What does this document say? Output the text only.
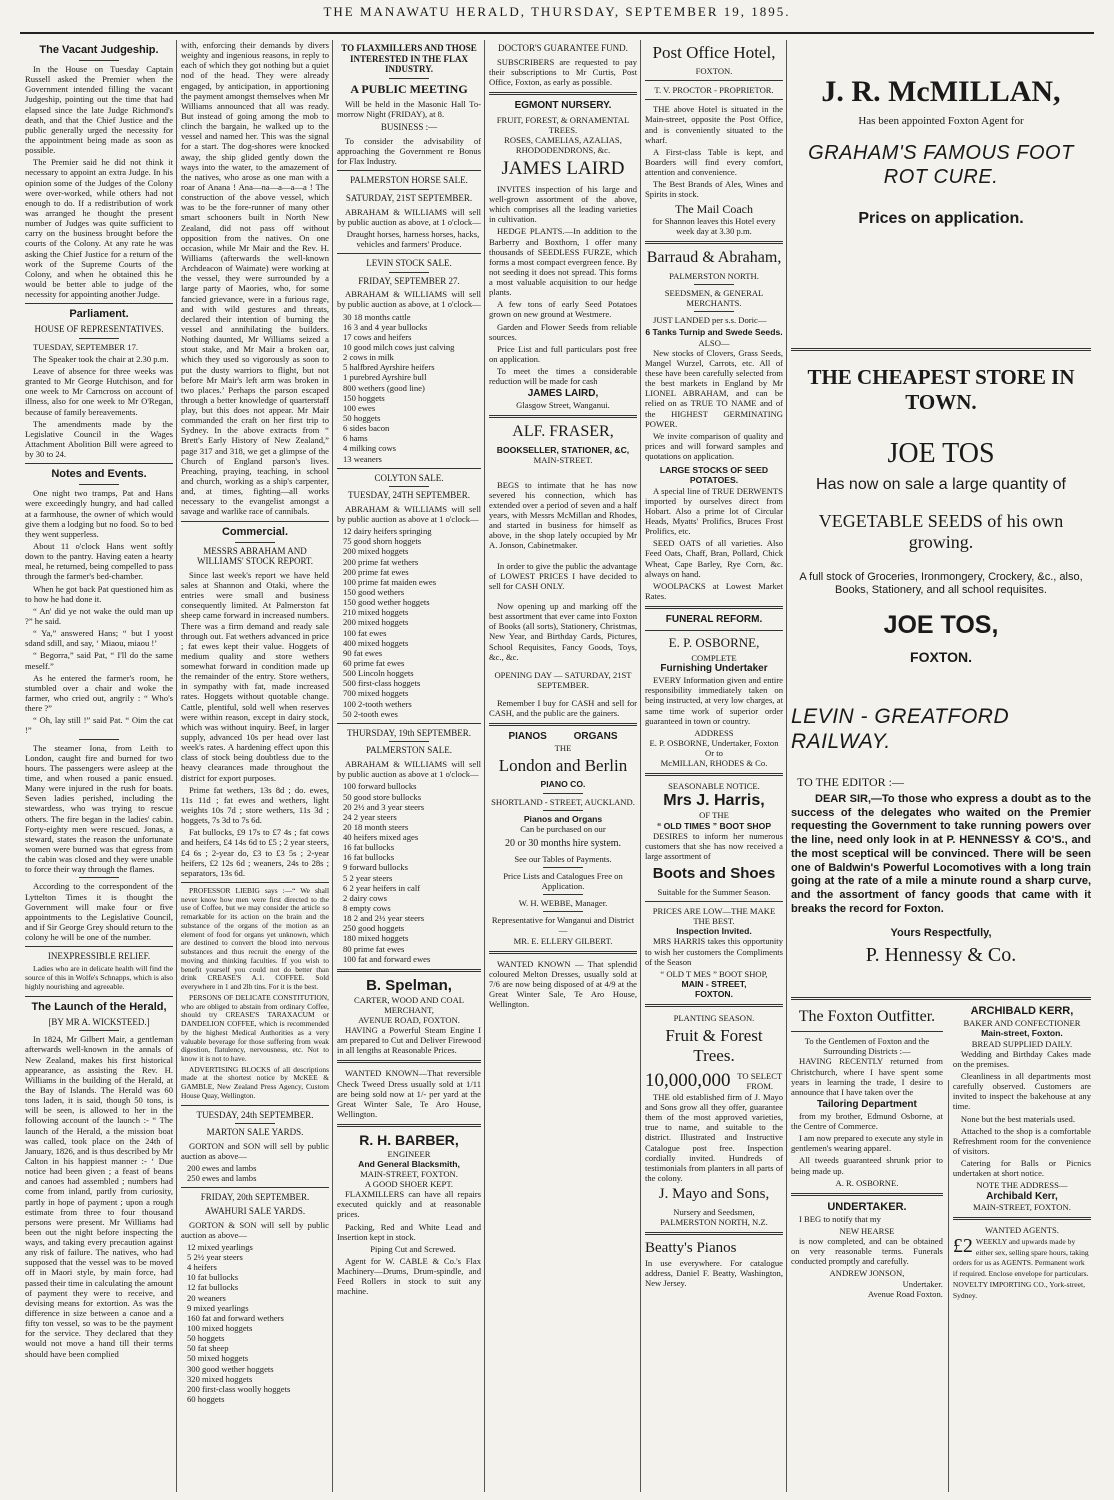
THE MANAWATU HERALD, THURSDAY, SEPTEMBER 19, 1895.
The Vacant Judgeship.
In the House on Tuesday Captain Russell asked the Premier when the Government intended filling the vacant Judgeship, pointing out the time that had elapsed since the late Judge Richmond's death, and that the Chief Justice and the public generally urged the necessity for the appointment being made as soon as possible.
The Premier said he did not think it necessary to appoint an extra Judge. In his opinion some of the Judges of the Colony were over-worked, while others had not enough to do. If a redistribution of work was arranged he thought the present number of Judges was quite sufficient to carry on the business brought before the courts of the Colony. At any rate he was asking the Chief Justice for a return of the work of the Supreme Courts of the Colony, and when he obtained this he would be better able to judge of the necessity for appointing another Judge.
Parliament.
HOUSE OF REPRESENTATIVES.
TUESDAY, SEPTEMBER 17.
The Speaker took the chair at 2.30 p.m.
Leave of absence for three weeks was granted to Mr George Hutchison, and for one week to Mr Carncross on account of illness, also for one week to Mr O'Regan, because of family bereavements.
The amendments made by the Legislative Council in the Wages Attachment Abolition Bill were agreed to by 30 to 24.
Notes and Events.
One night two tramps, Pat and Hans were exceedingly hungry, and had called at a farmhouse, the owner of which would give them a lodging but no food. So to bed they went supperless.
About 11 o'clock Hans went softly down to the pantry. Having eaten a hearty meal, he returned, being compelled to pass through the farmer's bed-chamber.
When he got back Pat questioned him as to how he had done it.
“ An' did ye not wake the ould man up ?” he said.
“ Ya,” answered Hans; “ but I yoost sdand sdill, and say, ‘ Miaou, miaou !’
“ Begorra,” said Pat, “ I'll do the same meself.”
As he entered the farmer's room, he stumbled over a chair and woke the farmer, who cried out, angrily : “ Who's there ?”
“ Oh, lay still !” said Pat. “ Oim the cat !”
The steamer Iona, from Leith to London, caught fire and burned for two hours. The passengers were asleep at the time, and when roused a panic ensued. Many were injured in the rush for boats. Seven ladies perished, including the stewardess, who was trying to rescue others. The fire began in the ladies' cabin. Forty-eighty men were rescued. Jonas, a steward, states the reason the unfortunate women were burned was that egress from the cabin was closed and they were unable to force their way through the flames.
According to the correspondent of the Lyttelton Times it is thought the Government will make four or five appointments to the Legislative Council, and if Sir George Grey should return to the colony he will be one of the number.
INEXPRESSIBLE RELIEF.
Ladies who are in delicate health will find the source of this in Wolfe's Schnapps, which is also highly nourishing and agreeable.
The Launch of the Herald,
[BY MR A. WICKSTEED.]
In 1824, Mr Gilbert Mair, a gentleman afterwards well-known in the annals of New Zealand, makes his first historical appearance, as assisting the Rev. H. Williams in the building of the Herald, at the Bay of Islands. The Herald was 60 tons laden, it is said, though 50 tons, is will be seen, is allowed to her in the following account of the launch :- “ The launch of the Herald, a the mission boat was called, took place on the 24th of January, 1826, and is thus described by Mr Calton in his happiest manner :- ‘ Due notice had been given ; a feast of beans and canoes had assembled ; numbers had come from inland, partly from curiosity, partly in hope of payment ; upon a rough estimate from three to four thousand persons were present. Mr Williams had been out the night before inspecting the ways, and taking every precaution against any risk of failure. The natives, who had supposed that the vessel was to be moved off in Maori style, by main force, had passed their time in calculating the amount of payment they were to receive, and devising means for extortion. As was the difference in size between a canoe and a fifty ton vessel, so was to be the payment for the service. They declared that they would not move a hand till their terms should have been complied
with, enforcing their demands by divers weighty and ingenious reasons, in reply to each of which they got nothing but a quiet nod of the head. They were already engaged, by anticipation, in apportioning the payment amongst themselves when Mr Williams announced that all was ready. But instead of going among the mob to clinch the bargain, he walked up to the vessel and named her. This was the signal for a start. The dog-shores were knocked away, the ship glided gently down the ways into the water, to the amazement of the natives, who arose as one man with a roar of Anana ! Ana—na—a—a—a ! The construction of the above vessel, which was to be the fore-runner of many other smart schooners built in North New Zealand, did not pass off without opposition from the natives. On one occasion, while Mr Mair and the Rev. H. Williams (afterwards the well-known Archdeacon of Waimate) were working at the vessel, they were surrounded by a large party of Maories, who, for some fancied grievance, were in a furious rage, and with wild gestures and threats, declared their intention of burning the vessel and annihilating the builders. Nothing daunted, Mr Williams seized a stout stake, and Mr Mair a broken oar, which they used so vigorously as soon to put the dusty warriors to flight, but not before Mr Mair's left arm was broken in two places.’ Perhaps the parson escaped through a better knowledge of quarterstaff play, but this does not appear. Mr Mair commanded the craft on her first trip to Sydney. In the above extracts from “ Brett's Early History of New Zealand,” page 317 and 318, we get a glimpse of the Church of England parson's lives. Preaching, praying, teaching, in school and church, working as a ship's carpenter, and, at times, fighting—all works necessary to the evangelist amongst a savage and warlike race of cannibals.
Commercial.
MESSRS ABRAHAM AND WILLIAMS' STOCK REPORT.
Since last week's report we have held sales at Shannon and Otaki, where the entries were small and business consequently limited. At Palmerston fat sheep came forward in increased numbers. There was a firm demand and ready sale through out. Fat wethers advanced in price ; fat ewes kept their value. Hoggets of medium quality and store wethers somewhat forward in condition made up the remainder of the entry. Store wethers, in sympathy with fat, made increased rates. Hoggets without quotable change. Cattle, plentiful, sold well when reserves were within reason, except in dairy stock, which was without inquiry. Beef, in larger supply, advanced 10s per head over last week's rates. A hardening effect upon this class of stock being doubtless due to the heavy clearances made throughout the district for export purposes.
Prime fat wethers, 13s 8d ; do. ewes, 11s 11d ; fat ewes and wethers, light weights 10s 7d ; store wethers, 11s 3d ; hoggets, 7s 3d to 7s 6d.
Fat bullocks, £9 17s to £7 4s ; fat cows and heifers, £4 14s 6d to £5 ; 2 year steers, £4 6s ; 2-year do, £3 to £3 5s ; 2-year heifers, £2 12s 6d ; weaners, 24s to 28s ; separators, 13s 6d.
PROFESSOR LIEBIG says :—“ We shall never know how men were first directed to the use of Coffee, but we may consider the article so remarkable for its action on the brain and the substance of the organs of the motion as an element of food for organs yet unknown, which are destined to convert the blood into nervous substances and thus recruit the energy of the moving and thinking faculties. If you wish to benefit yourself you could not do better than drink CREASE'S A.1. COFFEE. Sold everywhere in 1 and 2lb tins. For it is the best.
PERSONS OF DELICATE CONSTITUTION, who are obliged to abstain from ordinary Coffee, should try CREASE'S TARAXACUM or DANDELION COFFEE, which is recommended by the highest Medical Authorities as a very valuable beverage for those suffering from weak digestion, flatulency, nervousness, etc. Not to know it is not to have.
ADVERTISING BLOCKS of all descriptions made at the shortest notice by McKEE & GAMBLE, New Zealand Press Agency, Custom House Quay, Wellington.
TUESDAY, 24th SEPTEMBER.
MARTON SALE YARDS.
GORTON and SON will sell by public auction as above—
200 ewes and lambs
250 ewes and lambs
FRIDAY, 20th SEPTEMBER.
AWAHURI SALE YARDS.
GORTON & SON will sell by public auction as above—
12 mixed yearlings
5 2½ year steers
4 heifers
10 fat bullocks
12 fat bullocks
20 weaners
9 mixed yearlings
160 fat and forward wethers
100 mixed hoggets
50 hoggets
50 fat sheep
50 mixed hoggets
300 good wether hoggets
320 mixed hoggets
200 first-class woolly hoggets
60 hoggets
TO FLAXMILLERS AND THOSE INTERESTED IN THE FLAX INDUSTRY.
A PUBLIC MEETING
Will be held in the Masonic Hall To-morrow Night (FRIDAY), at 8.
BUSINESS :—
To consider the advisability of approaching the Government re Bonus for Flax Industry.
PALMERSTON HORSE SALE.
SATURDAY, 21ST SEPTEMBER.
ABRAHAM & WILLIAMS will sell by public auction as above, at 1 o'clock—
Draught horses, harness horses, hacks, vehicles and farmers' Produce.
LEVIN STOCK SALE.
FRIDAY, SEPTEMBER 27.
ABRAHAM & WILLIAMS will sell by public auction as above, at 1 o'clock—
30 18 months cattle
16 3 and 4 year bullocks
17 cows and heifers
10 good milch cows just calving
2 cows in milk
5 halfbred Ayrshire heifers
1 purebred Ayrshire bull
800 wethers (good line)
150 hoggets
100 ewes
50 hoggets
6 sides bacon
6 hams
4 milking cows
13 weaners
COLYTON SALE.
TUESDAY, 24TH SEPTEMBER.
ABRAHAM & WILLIAMS will sell by public auction as above at 1 o'clock—
12 dairy heifers springing
75 good shorn hoggets
200 mixed hoggets
200 prime fat wethers
200 prime fat ewes
100 prime fat maiden ewes
150 good wethers
150 good wether hoggets
210 mixed hoggets
200 mixed hoggets
100 fat ewes
400 mixed hoggets
90 fat ewes
60 prime fat ewes
500 Lincoln hoggets
500 first-class hoggets
700 mixed hoggets
100 2-tooth wethers
50 2-tooth ewes
THURSDAY, 19th SEPTEMBER.
PALMERSTON SALE.
ABRAHAM & WILLIAMS will sell by public auction as above at 1 o'clock—
100 forward bullocks
50 good store bullocks
20 2½ and 3 year steers
24 2 year steers
20 18 month steers
40 heifers mixed ages
16 fat bullocks
16 fat bullocks
9 forward bullocks
5 2 year steers
6 2 year heifers in calf
2 dairy cows
8 empty cows
18 2 and 2½ year steers
250 good hoggets
180 mixed hoggets
80 prime fat ewes
100 fat and forward ewes
B. Spelman,
CARTER, WOOD AND COAL MERCHANT,
AVENUE ROAD, FOXTON.
HAVING a Powerful Steam Engine I am prepared to Cut and Deliver Firewood in all lengths at Reasonable Prices.
WANTED KNOWN—That reversible Check Tweed Dress usually sold at 1/11 are being sold now at 1/- per yard at the Great Winter Sale, Te Aro House, Wellington.
R. H. BARBER,
ENGINEER
And General Blacksmith,
MAIN-STREET, FOXTON.
A GOOD SHOER KEPT.
FLAXMILLERS can have all repairs executed quickly and at reasonable prices.
Packing, Red and White Lead and Insertion kept in stock.
Piping Cut and Screwed.
Agent for W. CABLE & Co.'s Flax Machinery—Drums, Drum-spindle, and Feed Rollers in stock to suit any machine.
DOCTOR'S GUARANTEE FUND.
SUBSCRIBERS are requested to pay their subscriptions to Mr Curtis, Post Office, Foxton, as early as possible.
EGMONT NURSERY.
FRUIT, FOREST, & ORNAMENTAL TREES.
ROSES, CAMELIAS, AZALIAS, RHODODENDRONS, &c.
JAMES LAIRD
INVITES inspection of his large and well-grown assortment of the above, which comprises all the leading varieties in cultivation.
HEDGE PLANTS.—In addition to the Barberry and Boxthorn, I offer many thousands of SEEDLESS FURZE, which forms a most compact evergreen fence. By not seeding it does not spread. This forms a most valuable acquisition to our hedge plants.
A few tons of early Seed Potatoes grown on new ground at Westmere.
Garden and Flower Seeds from reliable sources.
Price List and full particulars post free on application.
To meet the times a considerable reduction will be made for cash
JAMES LAIRD,
Glasgow Street, Wanganui.
ALF. FRASER,
BOOKSELLER, STATIONER, &C,
MAIN-STREET.
BEGS to intimate that he has now severed his connection, which has extended over a period of seven and a half years, with Messrs McMillan and Rhodes, and started in business for himself as above, in the shop lately occupied by Mr A. Jonson, Cabinetmaker.
In order to give the public the advantage of LOWEST PRICES I have decided to sell for CASH ONLY.
Now opening up and marking off the best assortment that ever came into Foxton of Books (all sorts), Stationery, Christmas, New Year, and Birthday Cards, Pictures, School Requisites, Fancy Goods, Toys, &c., &c.
OPENING DAY — SATURDAY, 21ST SEPTEMBER.
Remember I buy for CASH and sell for CASH, and the public are the gainers.
PIANOS ORGANS
THE
London and Berlin
PIANO CO.
SHORTLAND - STREET, AUCKLAND.
Pianos and Organs
Can be purchased on our
20 or 30 months hire system.
See our Tables of Payments.
Price Lists and Catalogues Free on Application.
W. H. WEBBE, Manager.
Representative for Wanganui and District—
MR. E. ELLERY GILBERT.
WANTED KNOWN — That splendid coloured Melton Dresses, usually sold at 7/6 are now being disposed of at 4/9 at the Great Winter Sale, Te Aro House, Wellington.
Post Office Hotel,
FOXTON.
T. V. PROCTOR - PROPRIETOR.
THE above Hotel is situated in the Main-street, opposite the Post Office, and is conveniently situated to the wharf.
A First-class Table is kept, and Boarders will find every comfort, attention and convenience.
The Best Brands of Ales, Wines and Spirits in stock.
The Mail Coach
for Shannon leaves this Hotel every week day at 3.30 p.m.
Barraud & Abraham,
PALMERSTON NORTH.
SEEDSMEN, & GENERAL MERCHANTS.
JUST LANDED per s.s. Doric—
6 Tanks Turnip and Swede Seeds.
ALSO—
New stocks of Clovers, Grass Seeds, Mangel Wurzel, Carrots, etc. All of these have been carefully selected from the best markets in England by Mr LIONEL ABRAHAM, and can be relied on as TRUE TO NAME and of the HIGHEST GERMINATING POWER.
We invite comparison of quality and prices and will forward samples and quotations on application.
LARGE STOCKS OF SEED POTATOES.
A special line of TRUE DERWENTS imported by ourselves direct from Hobart. Also a prime lot of Circular Heads, Myatts' Prolifics, Bruces Frost Prolifics, etc.
SEED OATS of all varieties. Also Feed Oats, Chaff, Bran, Pollard, Chick Wheat, Cape Barley, Rye Corn, &c. always on hand.
WOOLPACKS at Lowest Market Rates.
FUNERAL REFORM.
E. P. OSBORNE,
COMPLETE
Furnishing Undertaker
EVERY Information given and entire responsibility immediately taken on being instructed, at very low charges, at same time work of superior order guaranteed in town or country.
ADDRESS
E. P. OSBORNE, Undertaker, Foxton
Or to
McMILLAN, RHODES & Co.
SEASONABLE NOTICE.
Mrs J. Harris,
OF THE
“ OLD TIMES ” BOOT SHOP
DESIRES to inform her numerous customers that she has now received a large assortment of
Boots and Shoes
Suitable for the Summer Season.
PRICES ARE LOW—THE MAKE THE BEST.
Inspection Invited.
MRS HARRIS takes this opportunity to wish her customers the Compliments of the Season
“ OLD T MES ” BOOT SHOP,
MAIN - STREET,
FOXTON.
PLANTING SEASON.
Fruit & Forest Trees.
10,000,000 TO SELECT FROM.
THE old established firm of J. Mayo and Sons grow all they offer, guarantee them of the most approved varieties, true to name, and suitable to the district. Illustrated and Instructive Catalogue post free. Inspection cordially invited. Hundreds of testimonials from planters in all parts of the colony.
J. Mayo and Sons,
Nursery and Seedsmen,
PALMERSTON NORTH, N.Z.
Beatty's Pianos
In use everywhere. For catalogue address, Daniel F. Beatty, Washington, New Jersey.
J. R. McMILLAN,
Has been appointed Foxton Agent for
GRAHAM'S FAMOUS FOOT ROT CURE.
Prices on application.
THE CHEAPEST STORE IN TOWN.
JOE TOS
Has now on sale a large quantity of
VEGETABLE SEEDS of his own growing.
A full stock of Groceries, Ironmongery, Crockery, &c., also, Books, Stationery, and all school requisites.
JOE TOS,
FOXTON.
LEVIN - GREATFORD RAILWAY.
TO THE EDITOR :—
DEAR SIR,—To those who express a doubt as to the success of the delegates who waited on the Premier requesting the Government to take running powers over the line, need only look in at P. HENNESSY & CO'S., and the most sceptical will be convinced. There will be seen one of Baldwin's Powerful Locomotives with a long train going at the rate of a mile a minute round a sharp curve, and the assortment of fancy goods that came with it breaks the record for Foxton.
Yours Respectfully,
P. Hennessy & Co.
The Foxton Outfitter.
To the Gentlemen of Foxton and the Surrounding Districts :—
HAVING RECENTLY returned from Christchurch, where I have spent some years in learning the trade, I desire to announce that I have taken over the
Tailoring Department
from my brother, Edmund Osborne, at the Centre of Commerce.
I am now prepared to execute any style in gentlemen's wearing apparel.
All tweeds guaranteed shrunk prior to being made up.
A. R. OSBORNE.
UNDERTAKER.
I BEG to notify that my
NEW HEARSE
is now completed, and can be obtained on very reasonable terms. Funerals conducted promptly and carefully.
ANDREW JONSON,
Undertaker.
Avenue Road Foxton.
ARCHIBALD KERR,
BAKER AND CONFECTIONER
Main-street, Foxton.
BREAD SUPPLIED DAILY.
Wedding and Birthday Cakes made on the premises.
Cleanliness in all departments most carefully observed. Customers are invited to inspect the bakehouse at any time.
None but the best materials used.
Attached to the shop is a comfortable Refreshment room for the convenience of visitors.
Catering for Balls or Picnics undertaken at short notice.
NOTE THE ADDRESS—
Archibald Kerr,
MAIN-STREET, FOXTON.
WANTED AGENTS.
£2 WEEKLY and upwards made by either sex, selling spare hours, taking orders for us as AGENTS. Permanent work if required. Enclose envelope for particulars. NOVELTY IMPORTING CO., York-street, Sydney.
